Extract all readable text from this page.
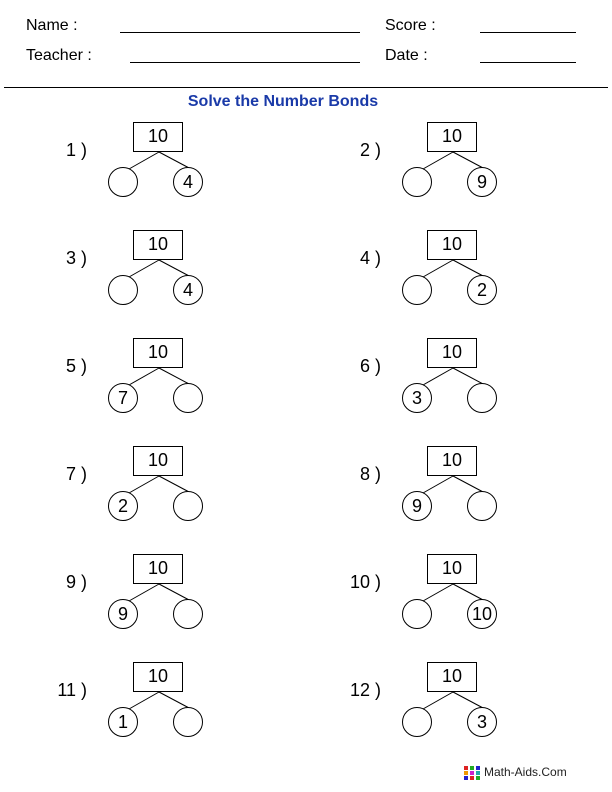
Name :	Score :
Teacher :	Date :
Solve the Number Bonds
1 )
10
4
2 )
10
9
3 )
10
4
4 )
10
2
5 )
10
7
6 )
10
3
7 )
10
2
8 )
10
9
9 )
10
9
10 )
10
10
11 )
10
1
12 )
10
3
Math-Aids.Com
